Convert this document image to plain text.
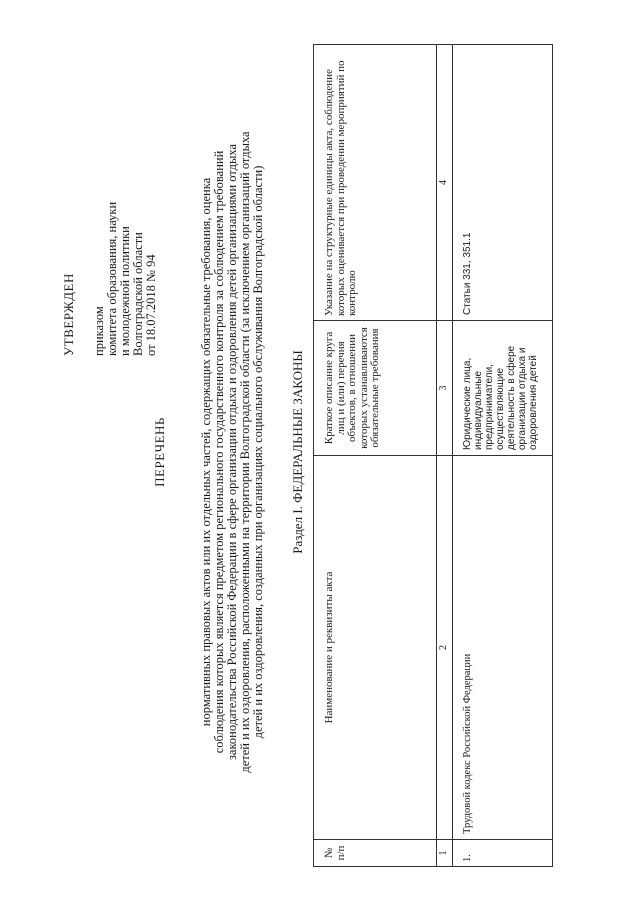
УТВЕРЖДЕН приказом комитета образования, науки и молодежной политики Волгоградской области от 18.07.2018 № 94
ПЕРЕЧЕНЬ	нормативных правовых актов или их отдельных частей, содержащих обязательные требования, оценка соблюдения которых является предметом регионального государственного контроля за соблюдением требований законодательства Российской Федерации в сфере организации отдыха и оздоровления детей организациями отдыха детей и их оздоровления, расположенными на территории Волгоградской области (за исключением организаций отдыха детей и их оздоровления, созданных при организациях социального обслуживания Волгоградской области) Раздел I. ФЕДЕРАЛЬНЫЕ ЗАКОНЫ
№ п/п	Наименование и реквизиты акта	Краткое описание круга лиц и (или) перечня объектов, в отношении которых устанавливаются обязательные требования	Указание на структурные единицы акта, соблюдение которых оценивается при проведении мероприятий по контролю
1	2	3	4
1.	Трудовой кодекс Российской Федерации	Юридические лица, индивидуальные предприниматели, осуществляющие деятельность в сфере организации отдыха и оздоровления детей	Статьи 331, 351.1
